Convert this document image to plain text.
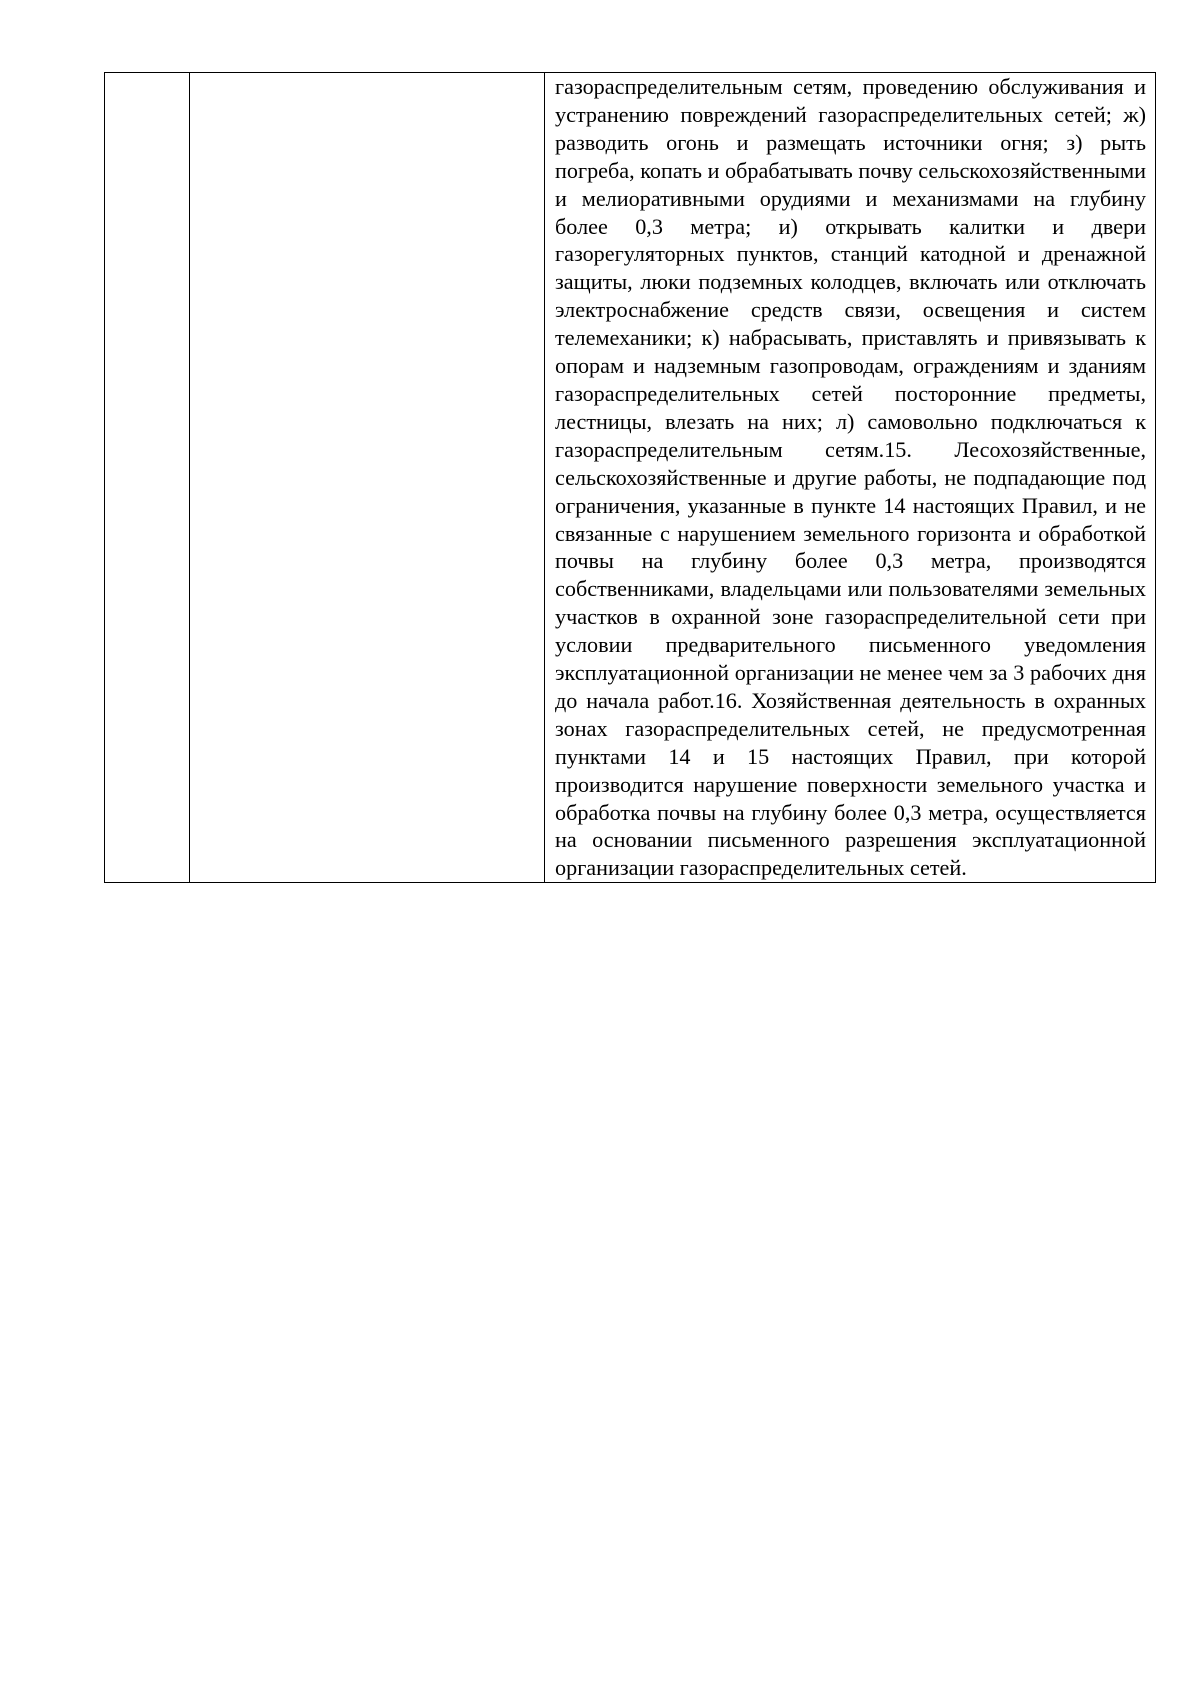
газораспределительным сетям, проведению обслуживания и устранению повреждений газораспределительных сетей; ж) разводить огонь и размещать источники огня; з) рыть погреба, копать и обрабатывать почву сельскохозяйственными и мелиоративными орудиями и механизмами на глубину более 0,3 метра; и) открывать калитки и двери газорегуляторных пунктов, станций катодной и дренажной защиты, люки подземных колодцев, включать или отключать электроснабжение средств связи, освещения и систем телемеханики; к) набрасывать, приставлять и привязывать к опорам и надземным газопроводам, ограждениям и зданиям газораспределительных сетей посторонние предметы, лестницы, влезать на них; л) самовольно подключаться к газораспределительным сетям.15. Лесохозяйственные, сельскохозяйственные и другие работы, не подпадающие под ограничения, указанные в пункте 14 настоящих Правил, и не связанные с нарушением земельного горизонта и обработкой почвы на глубину более 0,3 метра, производятся собственниками, владельцами или пользователями земельных участков в охранной зоне газораспределительной сети при условии предварительного письменного уведомления эксплуатационной организации не менее чем за 3 рабочих дня до начала работ.16. Хозяйственная деятельность в охранных зонах газораспределительных сетей, не предусмотренная пунктами 14 и 15 настоящих Правил, при которой производится нарушение поверхности земельного участка и обработка почвы на глубину более 0,3 метра, осуществляется на основании письменного разрешения эксплуатационной организации газораспределительных сетей.
